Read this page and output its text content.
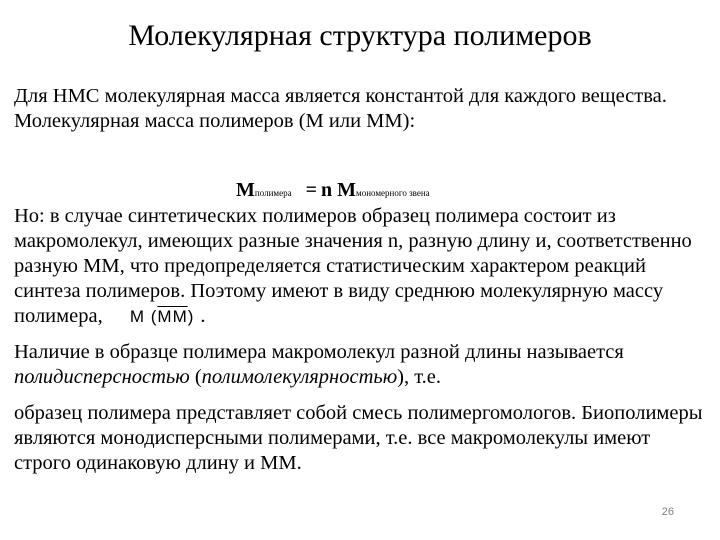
Молекулярная структура полимеров
Для НМС молекулярная масса является константой для каждого вещества. Молекулярная масса полимеров (М или ММ):
Mполимера = n Mмономерного звена
Но: в случае синтетических полимеров образец полимера состоит из макромолекул, имеющих разные значения n, разную длину и, соответственно разную ММ, что предопределяется статистическим характером реакций синтеза полимеров. Поэтому имеют в виду среднюю молекулярную массу полимера, M $(\overline{MM})$ .
Наличие в образце полимера макромолекул разной длины называется полидисперсностью (полимолекулярностью), т.е.
образец полимера представляет собой смесь полимергомологов. Биополимеры являются монодисперсными полимерами, т.е. все макромолекулы имеют строго одинаковую длину и ММ.
26
